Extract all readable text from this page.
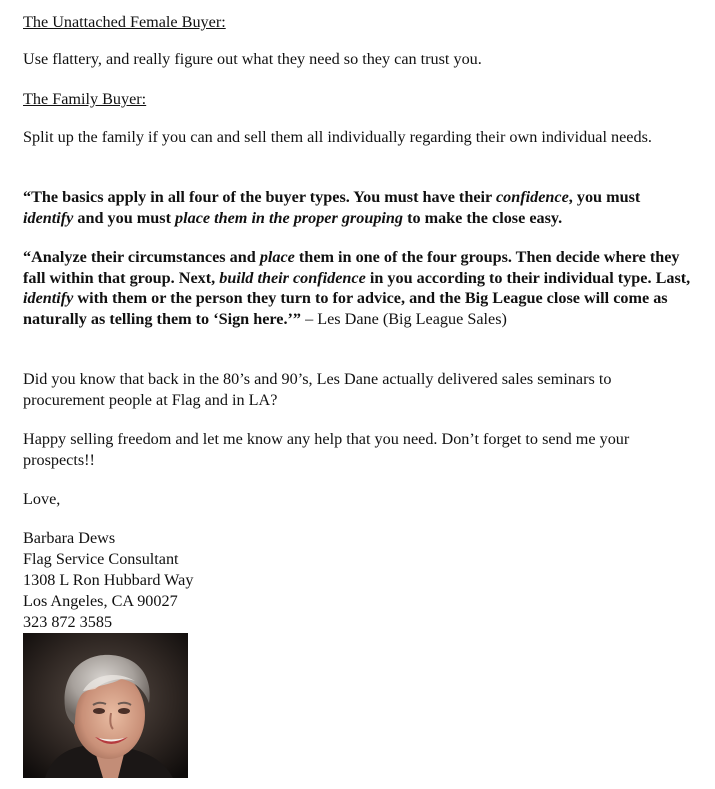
The Unattached Female Buyer:

Use flattery, and really figure out what they need so they can trust you.

The Family Buyer:

Split up the family if you can and sell them all individually regarding their own individual needs.

“The basics apply in all four of the buyer types. You must have their confidence, you must identify and you must place them in the proper grouping to make the close easy.

“Analyze their circumstances and place them in one of the four groups. Then decide where they fall within that group. Next, build their confidence in you according to their individual type. Last, identify with them or the person they turn to for advice, and the Big League close will come as naturally as telling them to ‘Sign here.’” – Les Dane (Big League Sales)

Did you know that back in the 80’s and 90’s, Les Dane actually delivered sales seminars to procurement people at Flag and in LA?

Happy selling freedom and let me know any help that you need. Don’t forget to send me your prospects!!

Love,

Barbara Dews
Flag Service Consultant
1308 L Ron Hubbard Way
Los Angeles, CA 90027
323 872 3585
